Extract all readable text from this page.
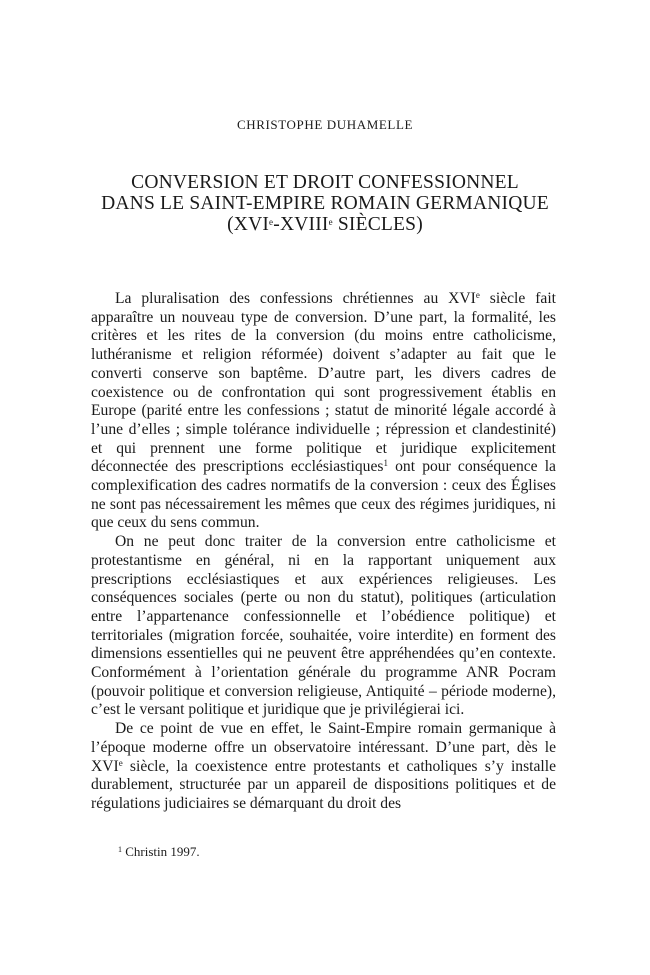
CHRISTOPHE DUHAMELLE
CONVERSION ET DROIT CONFESSIONNEL
DANS LE SAINT-EMPIRE ROMAIN GERMANIQUE
(XVIe-XVIIIe SIÈCLES)

La pluralisation des confessions chrétiennes au XVIe siècle fait apparaître un nouveau type de conversion. D’une part, la formalité, les critères et les rites de la conversion (du moins entre catholicisme, luthéranisme et religion réformée) doivent s’adapter au fait que le converti conserve son baptême. D’autre part, les divers cadres de coexistence ou de confrontation qui sont progressivement établis en Europe (parité entre les confessions ; statut de minorité légale accordé à l’une d’elles ; simple tolérance individuelle ; répression et clandestinité) et qui prennent une forme politique et juridique explicitement déconnectée des prescriptions ecclésiastiques$^1$ ont pour conséquence la complexification des cadres normatifs de la conversion : ceux des Églises ne sont pas nécessairement les mêmes que ceux des régimes juridiques, ni que ceux du sens commun.

On ne peut donc traiter de la conversion entre catholicisme et protestantisme en général, ni en la rapportant uniquement aux prescriptions ecclésiastiques et aux expériences religieuses. Les conséquences sociales (perte ou non du statut), politiques (articulation entre l’appartenance confessionnelle et l’obédience politique) et territoriales (migration forcée, souhaitée, voire interdite) en forment des dimensions essentielles qui ne peuvent être appréhendées qu’en contexte. Conformément à l’orientation générale du programme ANR Pocram (pouvoir politique et conversion religieuse, Antiquité – période moderne), c’est le versant politique et juridique que je privilégierai ici.

De ce point de vue en effet, le Saint-Empire romain germanique à l’époque moderne offre un observatoire intéressant. D’une part, dès le XVIe siècle, la coexistence entre protestants et catholiques s’y installe durablement, structurée par un appareil de dispositions politiques et de régulations judiciaires se démarquant du droit des

$^1$ Christin 1997.
